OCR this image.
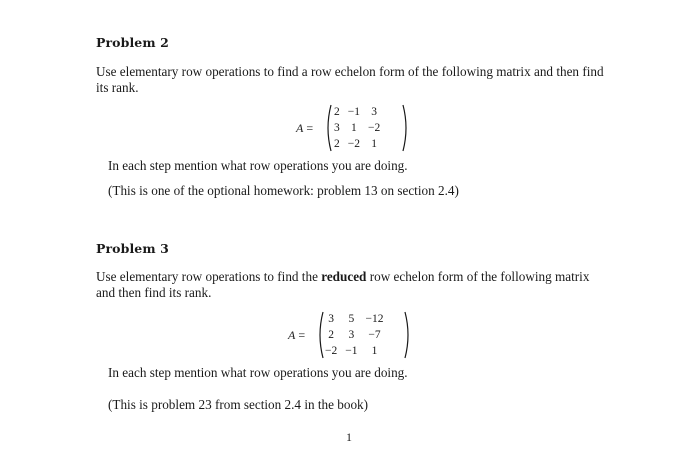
Problem 2
Use elementary row operations to find a row echelon form of the following matrix and then find
its rank.
A =
2	−1	3
3	1	−2
2	−2	1
In each step mention what row operations you are doing.
(This is one of the optional homework: problem 13 on section 2.4)
Problem 3
Use elementary row operations to find the reduced row echelon form of the following matrix
and then find its rank.
A =
3	5	−12
2	3	−7
−2	−1	1
In each step mention what row operations you are doing.
(This is problem 23 from section 2.4 in the book)
1
